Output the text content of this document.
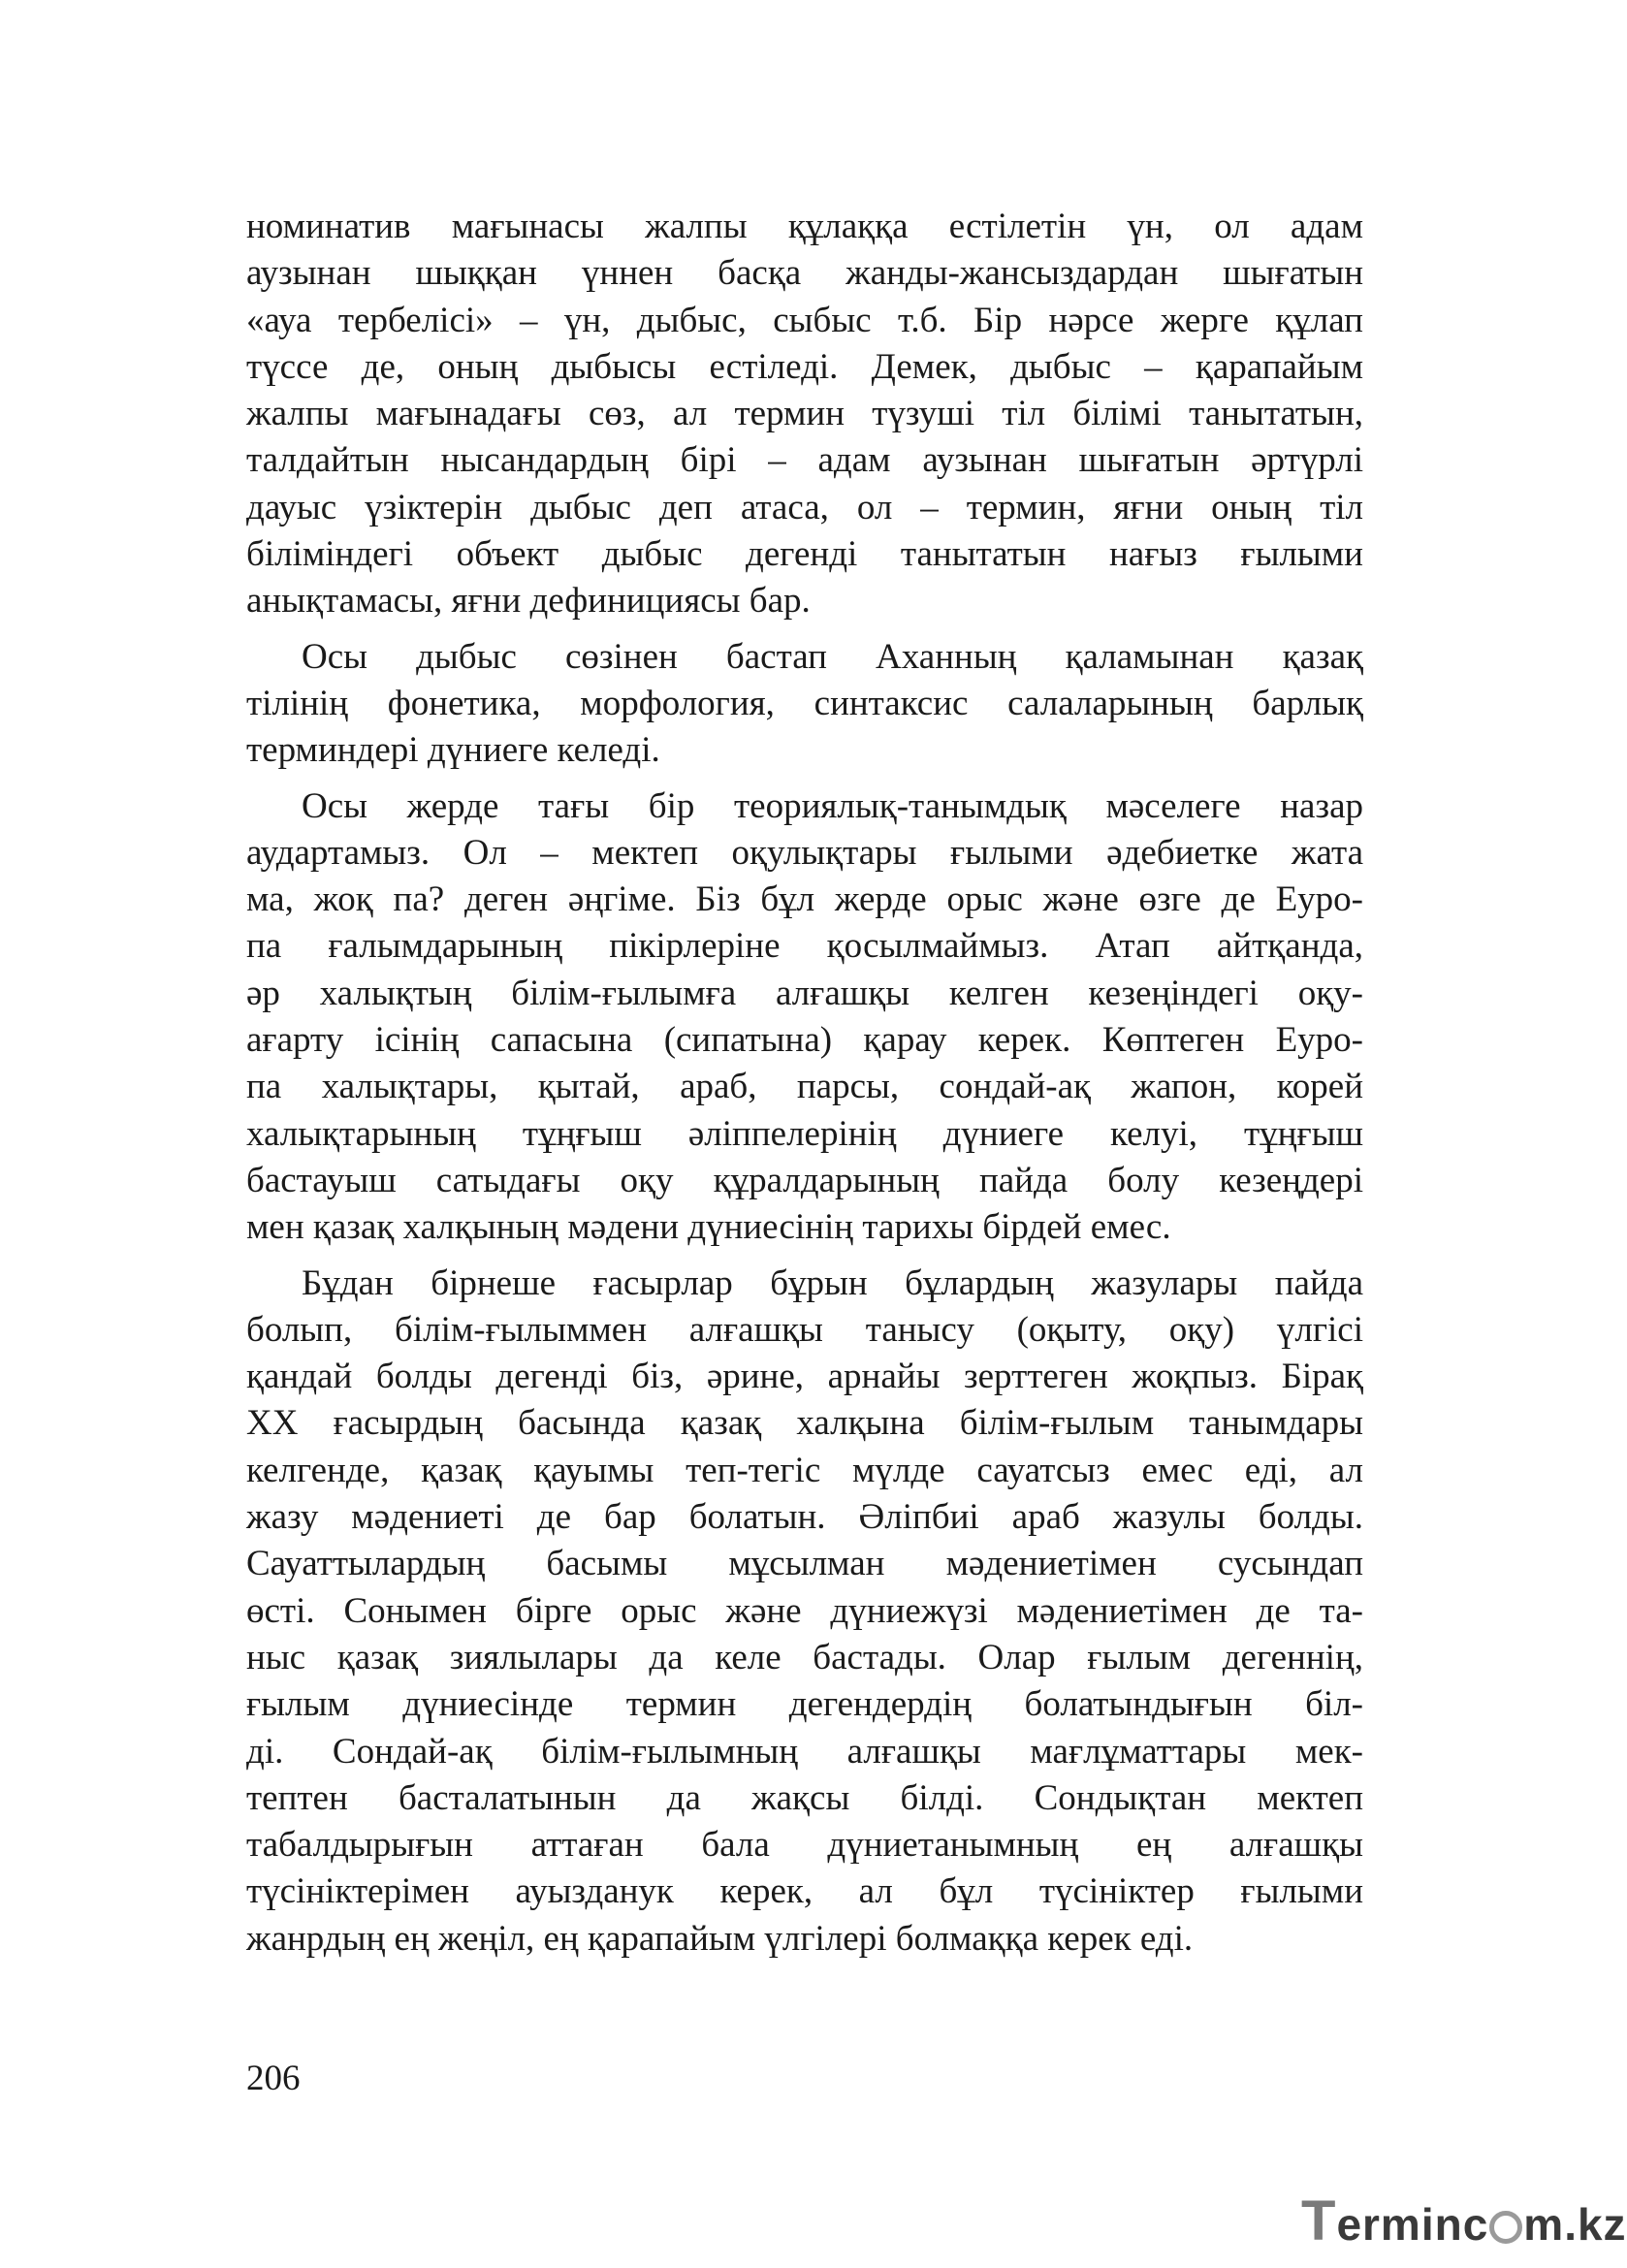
номинатив мағынасы жалпы құлаққа естілетін үн, ол адам
аузынан шыққан үннен басқа жанды-жансыздардан шығатын
«ауа тербелісі» – үн, дыбыс, сыбыс т.б. Бір нәрсе жерге құлап
түссе де, оның дыбысы естіледі. Демек, дыбыс – қарапайым
жалпы мағынадағы сөз, ал термин түзуші тіл білімі танытатын,
талдайтын нысандардың бірі – адам аузынан шығатын әртүрлі
дауыс үзіктерін дыбыс деп атаса, ол – термин, яғни оның тіл
біліміндегі объект дыбыс дегенді танытатын нағыз ғылыми
анықтамасы, яғни дефинициясы бар.

Осы дыбыс сөзінен бастап Аханның қаламынан қазақ
тілінің фонетика, морфология, синтаксис салаларының барлық
терминдері дүниеге келеді.

Осы жерде тағы бір теориялық-танымдық мәселеге назар
аудартамыз. Ол – мектеп оқулықтары ғылыми әдебиетке жата
ма, жоқ па? деген әңгіме. Біз бұл жерде орыс және өзге де Еуро-
па ғалымдарының пікірлеріне қосылмаймыз. Атап айтқанда,
әр халықтың білім-ғылымға алғашқы келген кезеңіндегі оқу-
ағарту ісінің сапасына (сипатына) қарау керек. Көптеген Еуро-
па халықтары, қытай, араб, парсы, сондай-ақ жапон, корей
халықтарының тұңғыш әліппелерінің дүниеге келуі, тұңғыш
бастауыш сатыдағы оқу құралдарының пайда болу кезеңдері
мен қазақ халқының мәдени дүниесінің тарихы бірдей емес.

Бұдан бірнеше ғасырлар бұрын бұлардың жазулары пайда
болып, білім-ғылыммен алғашқы танысу (оқыту, оқу) үлгісі
қандай болды дегенді біз, әрине, арнайы зерттеген жоқпыз. Бірақ
ХХ ғасырдың басында қазақ халқына білім-ғылым танымдары
келгенде, қазақ қауымы теп-тегіс мүлде сауатсыз емес еді, ал
жазу мәдениеті де бар болатын. Әліпбиі араб жазулы болды.
Сауаттылардың басымы мұсылман мәдениетімен сусындап
өсті. Сонымен бірге орыс және дүниежүзі мәдениетімен де та-
ныс қазақ зиялылары да келе бастады. Олар ғылым дегеннің,
ғылым дүниесінде термин дегендердің болатындығын біл-
ді. Сондай-ақ білім-ғылымның алғашқы мағлұматтары мек-
тептен басталатынын да жақсы білді. Сондықтан мектеп
табалдырығын аттаған бала дүниетанымның ең алғашқы
түсініктерімен ауызданук керек, ал бұл түсініктер ғылыми
жанрдың ең жеңіл, ең қарапайым үлгілері болмаққа керек еді.

206
T erminc m.kz
